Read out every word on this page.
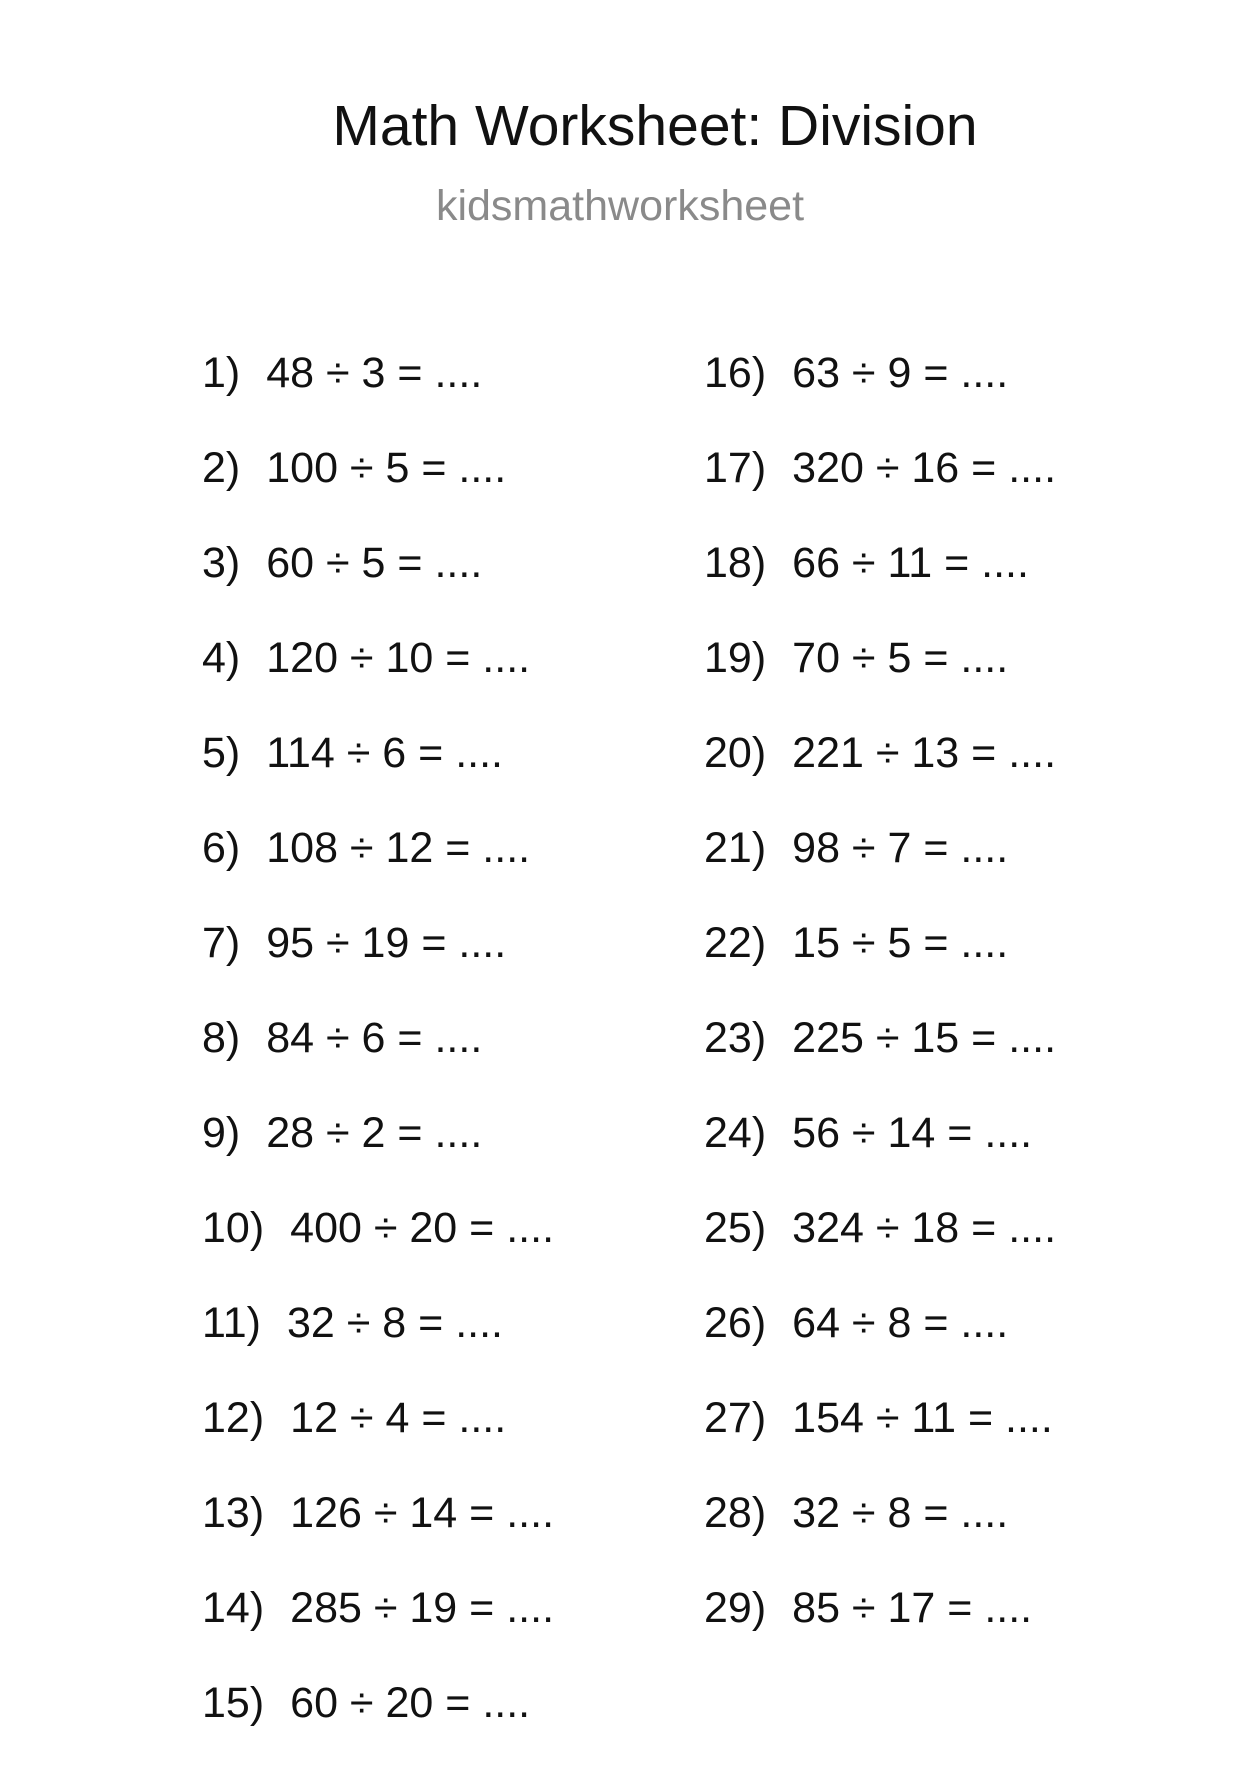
Math Worksheet: Division
kidsmathworksheet
1) 48 ÷ 3 = ....
2) 100 ÷ 5 = ....
3) 60 ÷ 5 = ....
4) 120 ÷ 10 = ....
5) 114 ÷ 6 = ....
6) 108 ÷ 12 = ....
7) 95 ÷ 19 = ....
8) 84 ÷ 6 = ....
9) 28 ÷ 2 = ....
10) 400 ÷ 20 = ....
11) 32 ÷ 8 = ....
12) 12 ÷ 4 = ....
13) 126 ÷ 14 = ....
14) 285 ÷ 19 = ....
15) 60 ÷ 20 = ....
16) 63 ÷ 9 = ....
17) 320 ÷ 16 = ....
18) 66 ÷ 11 = ....
19) 70 ÷ 5 = ....
20) 221 ÷ 13 = ....
21) 98 ÷ 7 = ....
22) 15 ÷ 5 = ....
23) 225 ÷ 15 = ....
24) 56 ÷ 14 = ....
25) 324 ÷ 18 = ....
26) 64 ÷ 8 = ....
27) 154 ÷ 11 = ....
28) 32 ÷ 8 = ....
29) 85 ÷ 17 = ....
